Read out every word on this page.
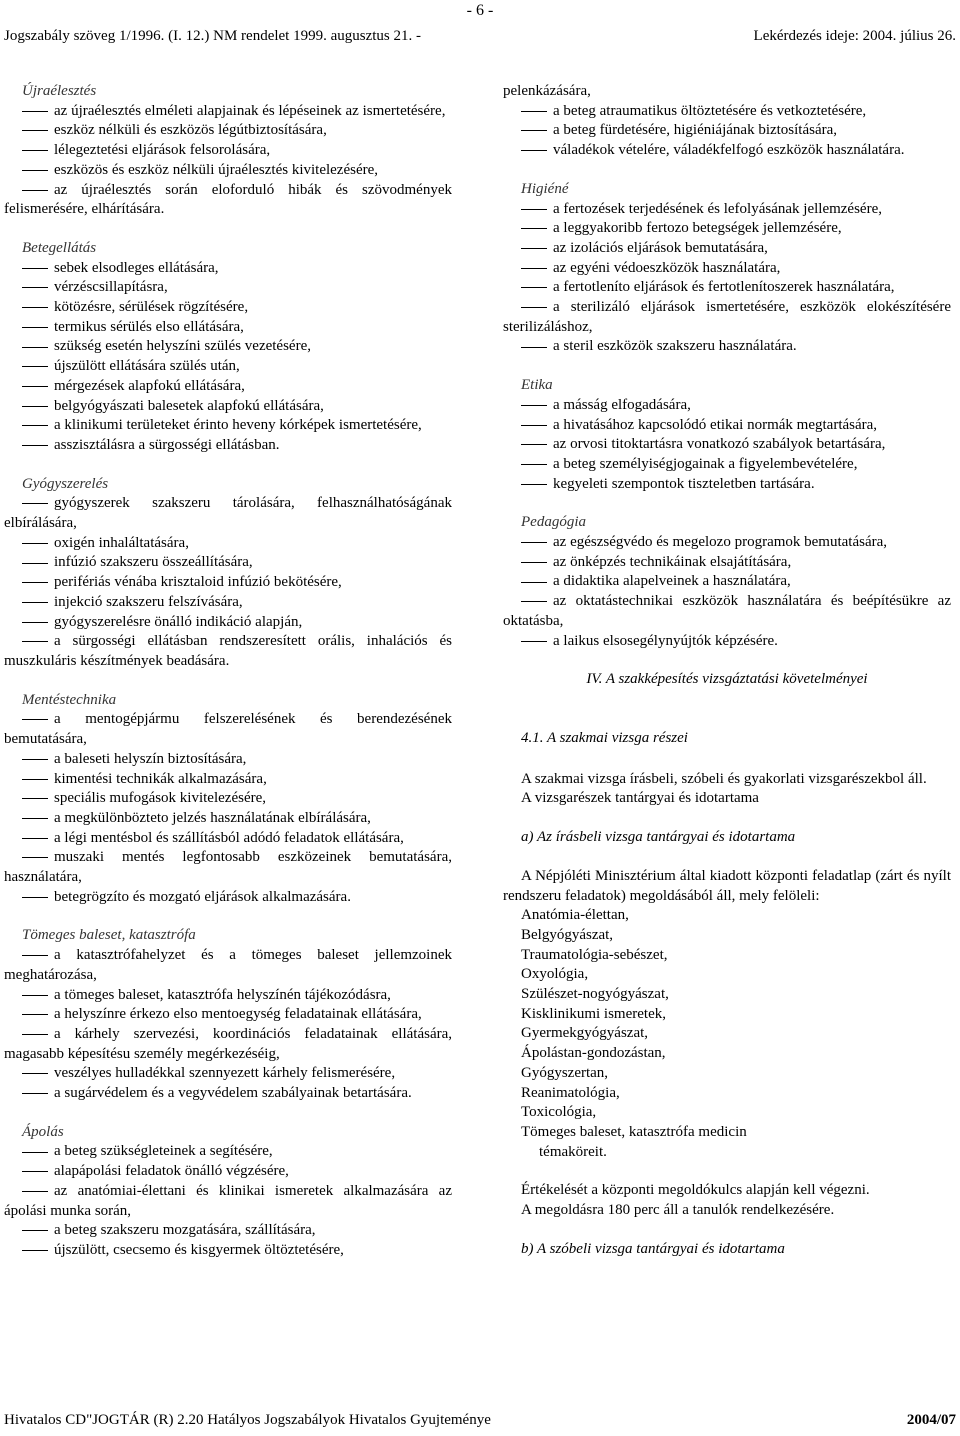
- 6 -
Jogszabály szöveg 1/1996. (I. 12.) NM rendelet 1999. augusztus 21. -	Lekérdezés ideje: 2004. július 26.
Újraélesztés
az újraélesztés elméleti alapjainak és lépéseinek az ismertetésére,
eszköz nélküli és eszközös légútbiztosítására,
lélegeztetési eljárások felsorolására,
eszközös és eszköz nélküli újraélesztés kivitelezésére,
az újraélesztés során eloforduló hibák és szövodmények felismerésére, elhárítására.
Betegellátás
sebek elsodleges ellátására,
vérzéscsillapításra,
kötözésre, sérülések rögzítésére,
termikus sérülés elso ellátására,
szükség esetén helyszíni szülés vezetésére,
újszülött ellátására szülés után,
mérgezések alapfokú ellátására,
belgyógyászati balesetek alapfokú ellátására,
a klinikumi területeket érinto heveny kórképek ismertetésére,
asszisztálásra a sürgosségi ellátásban.
Gyógyszerelés
gyógyszerek szakszeru tárolására, felhasználhatóságának elbírálására,
oxigén inhaláltatására,
infúzió szakszeru összeállítására,
perifériás vénába krisztaloid infúzió bekötésére,
injekció szakszeru felszívására,
gyógyszerelésre önálló indikáció alapján,
a sürgosségi ellátásban rendszeresített orális, inhalációs és muszkuláris készítmények beadására.
Mentéstechnika
a mentogépjármu felszerelésének és berendezésének bemutatására,
a baleseti helyszín biztosítására,
kimentési technikák alkalmazására,
speciális mufogások kivitelezésére,
a megkülönbözteto jelzés használatának elbírálására,
a légi mentésbol és szállításból adódó feladatok ellátására,
muszaki mentés legfontosabb eszközeinek bemutatására, használatára,
betegrögzíto és mozgató eljárások alkalmazására.
Tömeges baleset, katasztrófa
a katasztrófahelyzet és a tömeges baleset jellemzoinek meghatározása,
a tömeges baleset, katasztrófa helyszínén tájékozódásra,
a helyszínre érkezo elso mentoegység feladatainak ellátására,
a kárhely szervezési, koordinációs feladatainak ellátására, magasabb képesítésu személy megérkezéséig,
veszélyes hulladékkal szennyezett kárhely felismerésére,
a sugárvédelem és a vegyvédelem szabályainak betartására.
Ápolás
a beteg szükségleteinek a segítésére,
alapápolási feladatok önálló végzésére,
az anatómiai-élettani és klinikai ismeretek alkalmazására az ápolási munka során,
a beteg szakszeru mozgatására, szállítására,
újszülött, csecsemo és kisgyermek öltöztetésére,
pelenkázására,
a beteg atraumatikus öltöztetésére és vetkoztetésére,
a beteg fürdetésére, higiéniájának biztosítására,
váladékok vételére, váladékfelfogó eszközök használatára.
Higiéné
a fertozések terjedésének és lefolyásának jellemzésére,
a leggyakoribb fertozo betegségek jellemzésére,
az izolációs eljárások bemutatására,
az egyéni védoeszközök használatára,
a fertotleníto eljárások és fertotlenítoszerek használatára,
a sterilizáló eljárások ismertetésére, eszközök elokészítésére sterilizáláshoz,
a steril eszközök szakszeru használatára.
Etika
a másság elfogadására,
a hivatásához kapcsolódó etikai normák megtartására,
az orvosi titoktartásra vonatkozó szabályok betartására,
a beteg személyiségjogainak a figyelembevételére,
kegyeleti szempontok tiszteletben tartására.
Pedagógia
az egészségvédo és megelozo programok bemutatására,
az önképzés technikáinak elsajátítására,
a didaktika alapelveinek a használatára,
az oktatástechnikai eszközök használatára és beépítésükre az oktatásba,
a laikus elsosegélynyújtók képzésére.
IV. A szakképesítés vizsgáztatási követelményei
4.1. A szakmai vizsga részei
A szakmai vizsga írásbeli, szóbeli és gyakorlati vizsgarészekbol áll.
A vizsgarészek tantárgyai és idotartama
a) Az írásbeli vizsga tantárgyai és idotartama
A Népjóléti Minisztérium által kiadott központi feladatlap (zárt és nyílt rendszeru feladatok) megoldásából áll, mely felöleli:
Anatómia-élettan,
Belgyógyászat,
Traumatológia-sebészet,
Oxyológia,
Szülészet-nogyógyászat,
Kisklinikumi ismeretek,
Gyermekgyógyászat,
Ápolástan-gondozástan,
Gyógyszertan,
Reanimatológia,
Toxicológia,
Tömeges baleset, katasztrófa medicin
témaköreit.
Értékelését a központi megoldókulcs alapján kell végezni.
A megoldásra 180 perc áll a tanulók rendelkezésére.
b) A szóbeli vizsga tantárgyai és idotartama
Hivatalos CD"JOGTÁR (R) 2.20 Hatályos Jogszabályok Hivatalos Gyujteménye	2004/07
